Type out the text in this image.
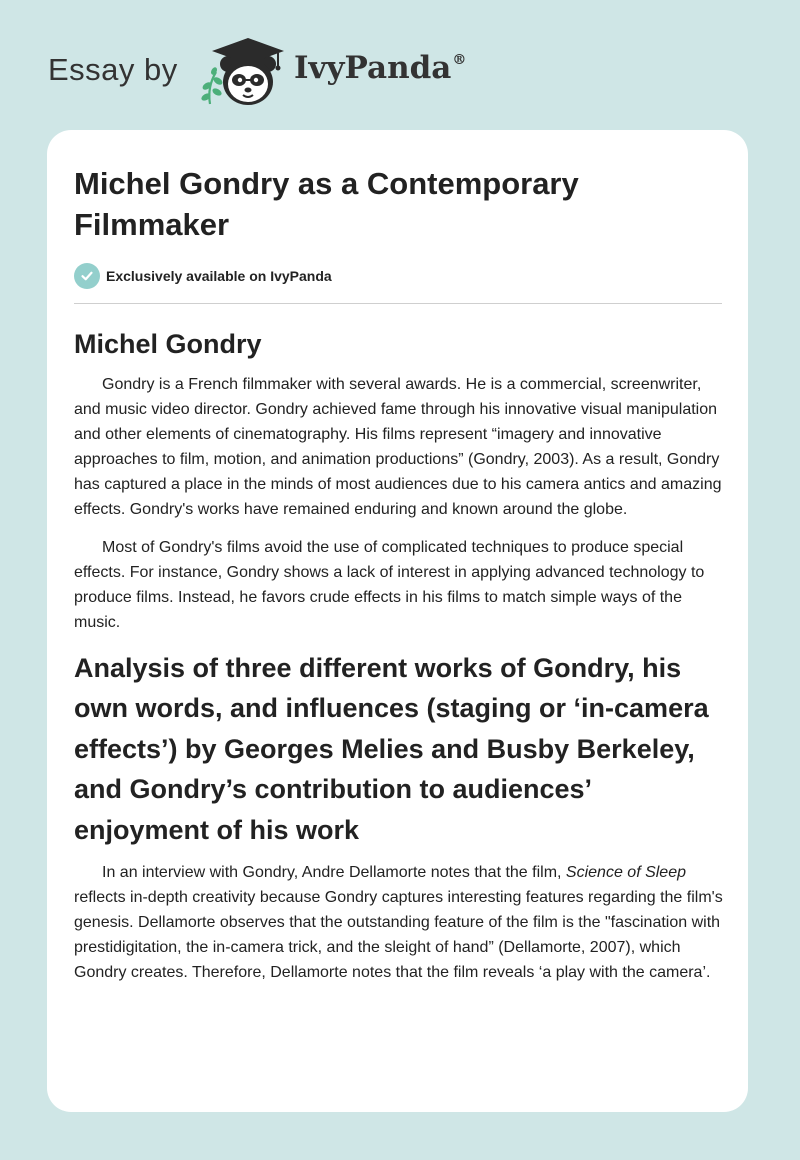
Essay by	IvyPanda®
Michel Gondry as a Contemporary Filmmaker
Exclusively available on IvyPanda
Michel Gondry

Gondry is a French filmmaker with several awards. He is a commercial, screenwriter, and music video director. Gondry achieved fame through his innovative visual manipulation and other elements of cinematography. His films represent “imagery and innovative approaches to film, motion, and animation productions” (Gondry, 2003). As a result, Gondry has captured a place in the minds of most audiences due to his camera antics and amazing effects. Gondry's works have remained enduring and known around the globe.

Most of Gondry's films avoid the use of complicated techniques to produce special effects. For instance, Gondry shows a lack of interest in applying advanced technology to produce films. Instead, he favors crude effects in his films to match simple ways of the music.

Analysis of three different works of Gondry, his own words, and influences (staging or ‘in-camera effects’) by Georges Melies and Busby Berkeley, and Gondry’s contribution to audiences’ enjoyment of his work

In an interview with Gondry, Andre Dellamorte notes that the film, Science of Sleep reflects in-depth creativity because Gondry captures interesting features regarding the film's genesis. Dellamorte observes that the outstanding feature of the film is the "fascination with prestidigitation, the in-camera trick, and the sleight of hand” (Dellamorte, 2007), which Gondry creates. Therefore, Dellamorte notes that the film reveals ‘a play with the camera’.
